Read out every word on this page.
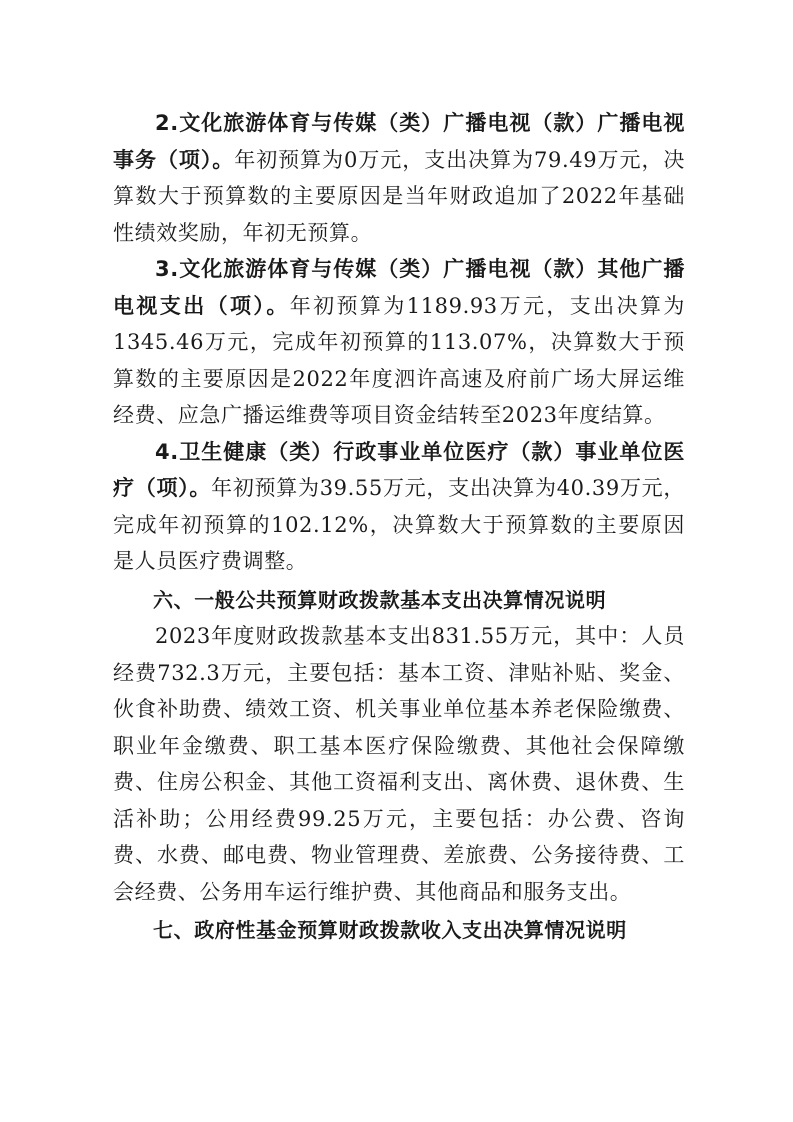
2.文化旅游体育与传媒（类）广播电视（款）广播电视事务（项）。年初预算为0万元，支出决算为79.49万元，决算数大于预算数的主要原因是当年财政追加了2022年基础性绩效奖励，年初无预算。

3.文化旅游体育与传媒（类）广播电视（款）其他广播电视支出（项）。年初预算为1189.93万元，支出决算为1345.46万元，完成年初预算的113.07%，决算数大于预算数的主要原因是2022年度泗许高速及府前广场大屏运维经费、应急广播运维费等项目资金结转至2023年度结算。

4.卫生健康（类）行政事业单位医疗（款）事业单位医疗（项）。年初预算为39.55万元，支出决算为40.39万元，完成年初预算的102.12%，决算数大于预算数的主要原因是人员医疗费调整。

六、一般公共预算财政拨款基本支出决算情况说明

2023年度财政拨款基本支出831.55万元，其中：人员经费732.3万元，主要包括：基本工资、津贴补贴、奖金、伙食补助费、绩效工资、机关事业单位基本养老保险缴费、职业年金缴费、职工基本医疗保险缴费、其他社会保障缴费、住房公积金、其他工资福利支出、离休费、退休费、生活补助；公用经费99.25万元，主要包括：办公费、咨询费、水费、邮电费、物业管理费、差旅费、公务接待费、工会经费、公务用车运行维护费、其他商品和服务支出。

七、政府性基金预算财政拨款收入支出决算情况说明
